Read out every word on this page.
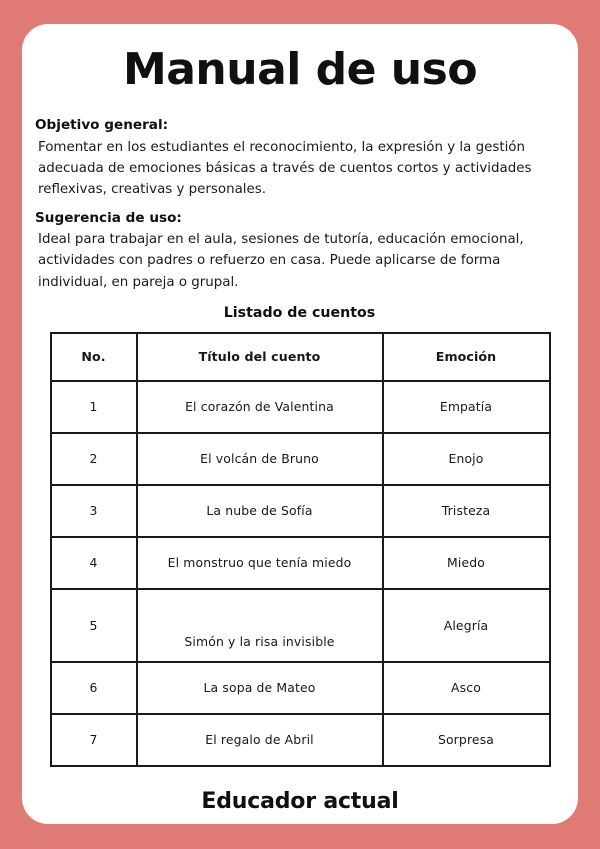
Manual de uso

Objetivo general:

Fomentar en los estudiantes el reconocimiento, la expresión y la gestión adecuada de emociones básicas a través de cuentos cortos y actividades reflexivas, creativas y personales.

Sugerencia de uso:

Ideal para trabajar en el aula, sesiones de tutoría, educación emocional, actividades con padres o refuerzo en casa. Puede aplicarse de forma individual, en pareja o grupal.

Listado de cuentos

No.	Título del cuento	Emoción
1	El corazón de Valentina	Empatía
2	El volcán de Bruno	Enojo
3	La nube de Sofía	Tristeza
4	El monstruo que tenía miedo	Miedo
5	Simón y la risa invisible	Alegría
6	La sopa de Mateo	Asco
7	El regalo de Abril	Sorpresa

Educador actual
